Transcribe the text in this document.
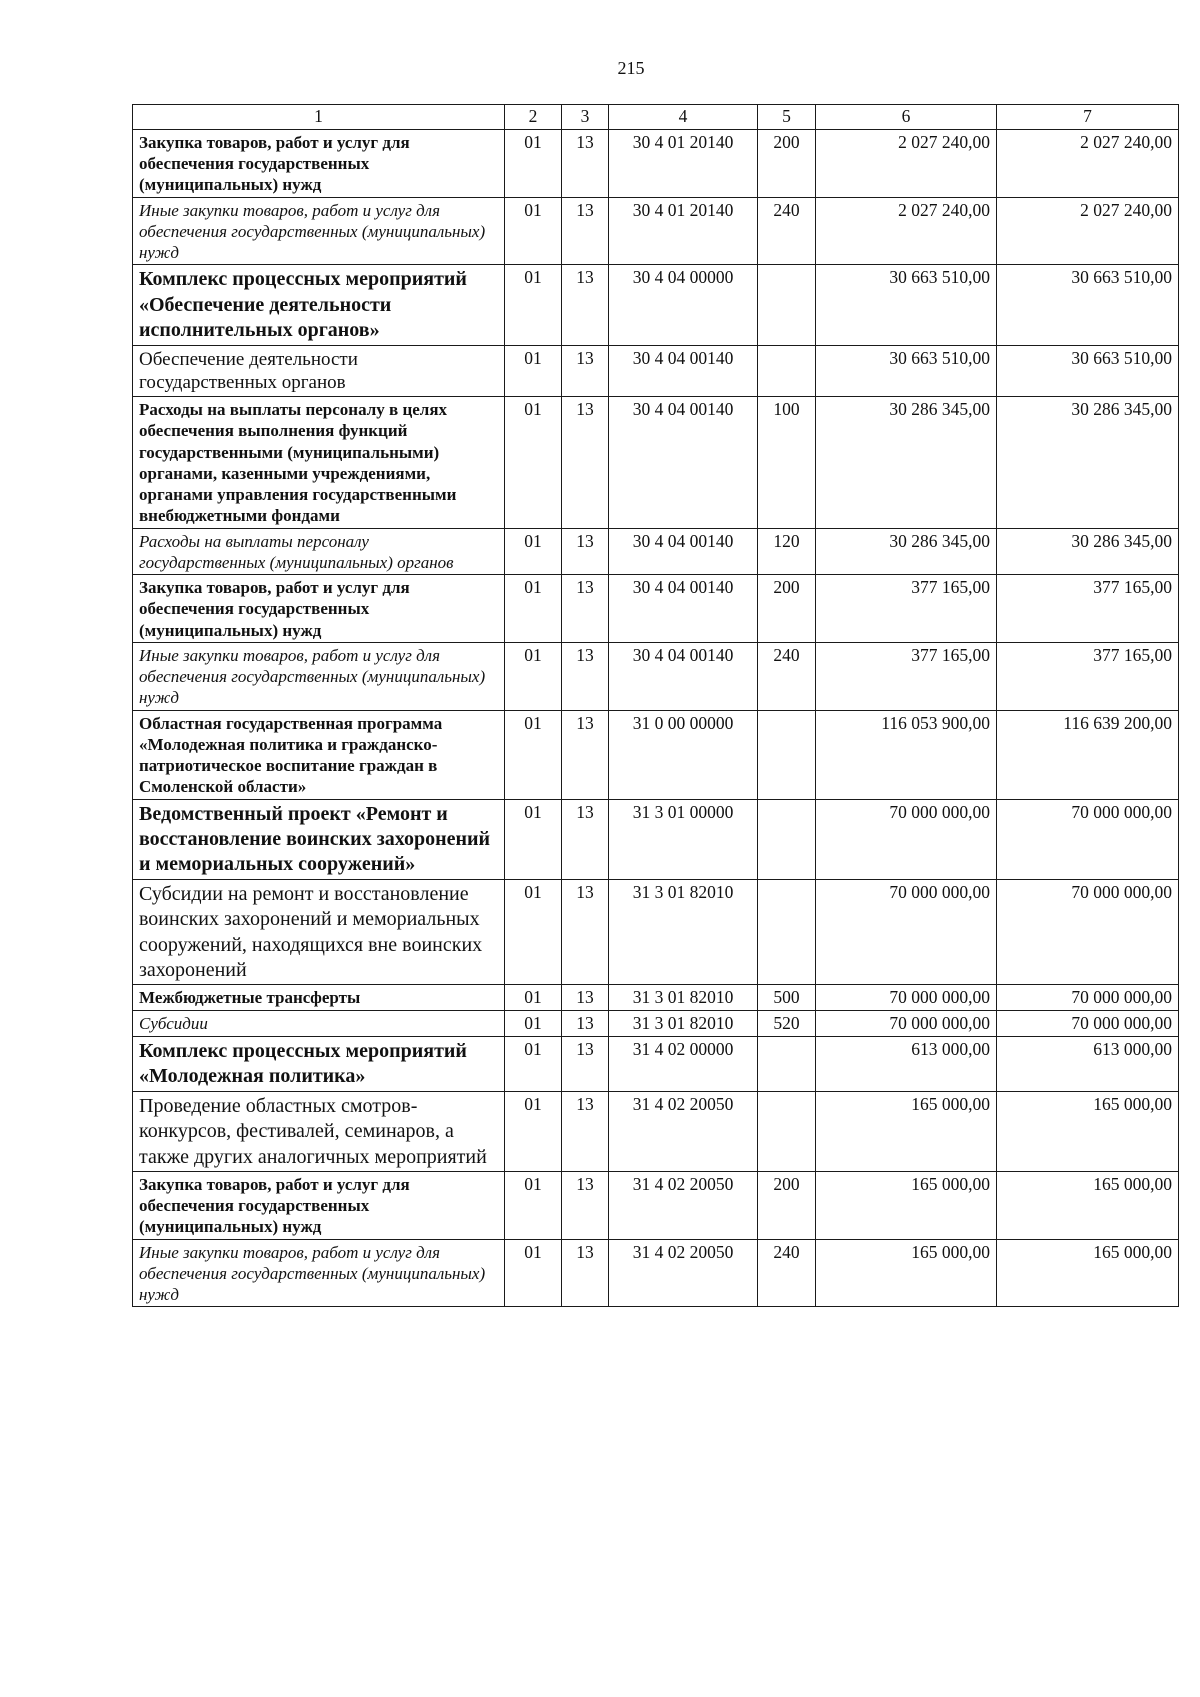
215
1	2	3	4	5	6	7
Закупка товаров, работ и услуг для обеспечения государственных (муниципальных) нужд	01	13	30 4 01 20140	200	2 027 240,00	2 027 240,00
Иные закупки товаров, работ и услуг для обеспечения государственных (муниципальных) нужд	01	13	30 4 01 20140	240	2 027 240,00	2 027 240,00
Комплекс процессных мероприятий «Обеспечение деятельности исполнительных органов»	01	13	30 4 04 00000		30 663 510,00	30 663 510,00
Обеспечение деятельности государственных органов	01	13	30 4 04 00140		30 663 510,00	30 663 510,00
Расходы на выплаты персоналу в целях обеспечения выполнения функций государственными (муниципальными) органами, казенными учреждениями, органами управления государственными внебюджетными фондами	01	13	30 4 04 00140	100	30 286 345,00	30 286 345,00
Расходы на выплаты персоналу государственных (муниципальных) органов	01	13	30 4 04 00140	120	30 286 345,00	30 286 345,00
Закупка товаров, работ и услуг для обеспечения государственных (муниципальных) нужд	01	13	30 4 04 00140	200	377 165,00	377 165,00
Иные закупки товаров, работ и услуг для обеспечения государственных (муниципальных) нужд	01	13	30 4 04 00140	240	377 165,00	377 165,00
Областная государственная программа «Молодежная политика и гражданско-патриотическое воспитание граждан в Смоленской области»	01	13	31 0 00 00000		116 053 900,00	116 639 200,00
Ведомственный проект «Ремонт и восстановление воинских захоронений и мемориальных сооружений»	01	13	31 3 01 00000		70 000 000,00	70 000 000,00
Субсидии на ремонт и восстановление воинских захоронений и мемориальных сооружений, находящихся вне воинских захоронений	01	13	31 3 01 82010		70 000 000,00	70 000 000,00
Межбюджетные трансферты	01	13	31 3 01 82010	500	70 000 000,00	70 000 000,00
Субсидии	01	13	31 3 01 82010	520	70 000 000,00	70 000 000,00
Комплекс процессных мероприятий «Молодежная политика»	01	13	31 4 02 00000		613 000,00	613 000,00
Проведение областных смотров-конкурсов, фестивалей, семинаров, а также других аналогичных мероприятий	01	13	31 4 02 20050		165 000,00	165 000,00
Закупка товаров, работ и услуг для обеспечения государственных (муниципальных) нужд	01	13	31 4 02 20050	200	165 000,00	165 000,00
Иные закупки товаров, работ и услуг для обеспечения государственных (муниципальных) нужд	01	13	31 4 02 20050	240	165 000,00	165 000,00
